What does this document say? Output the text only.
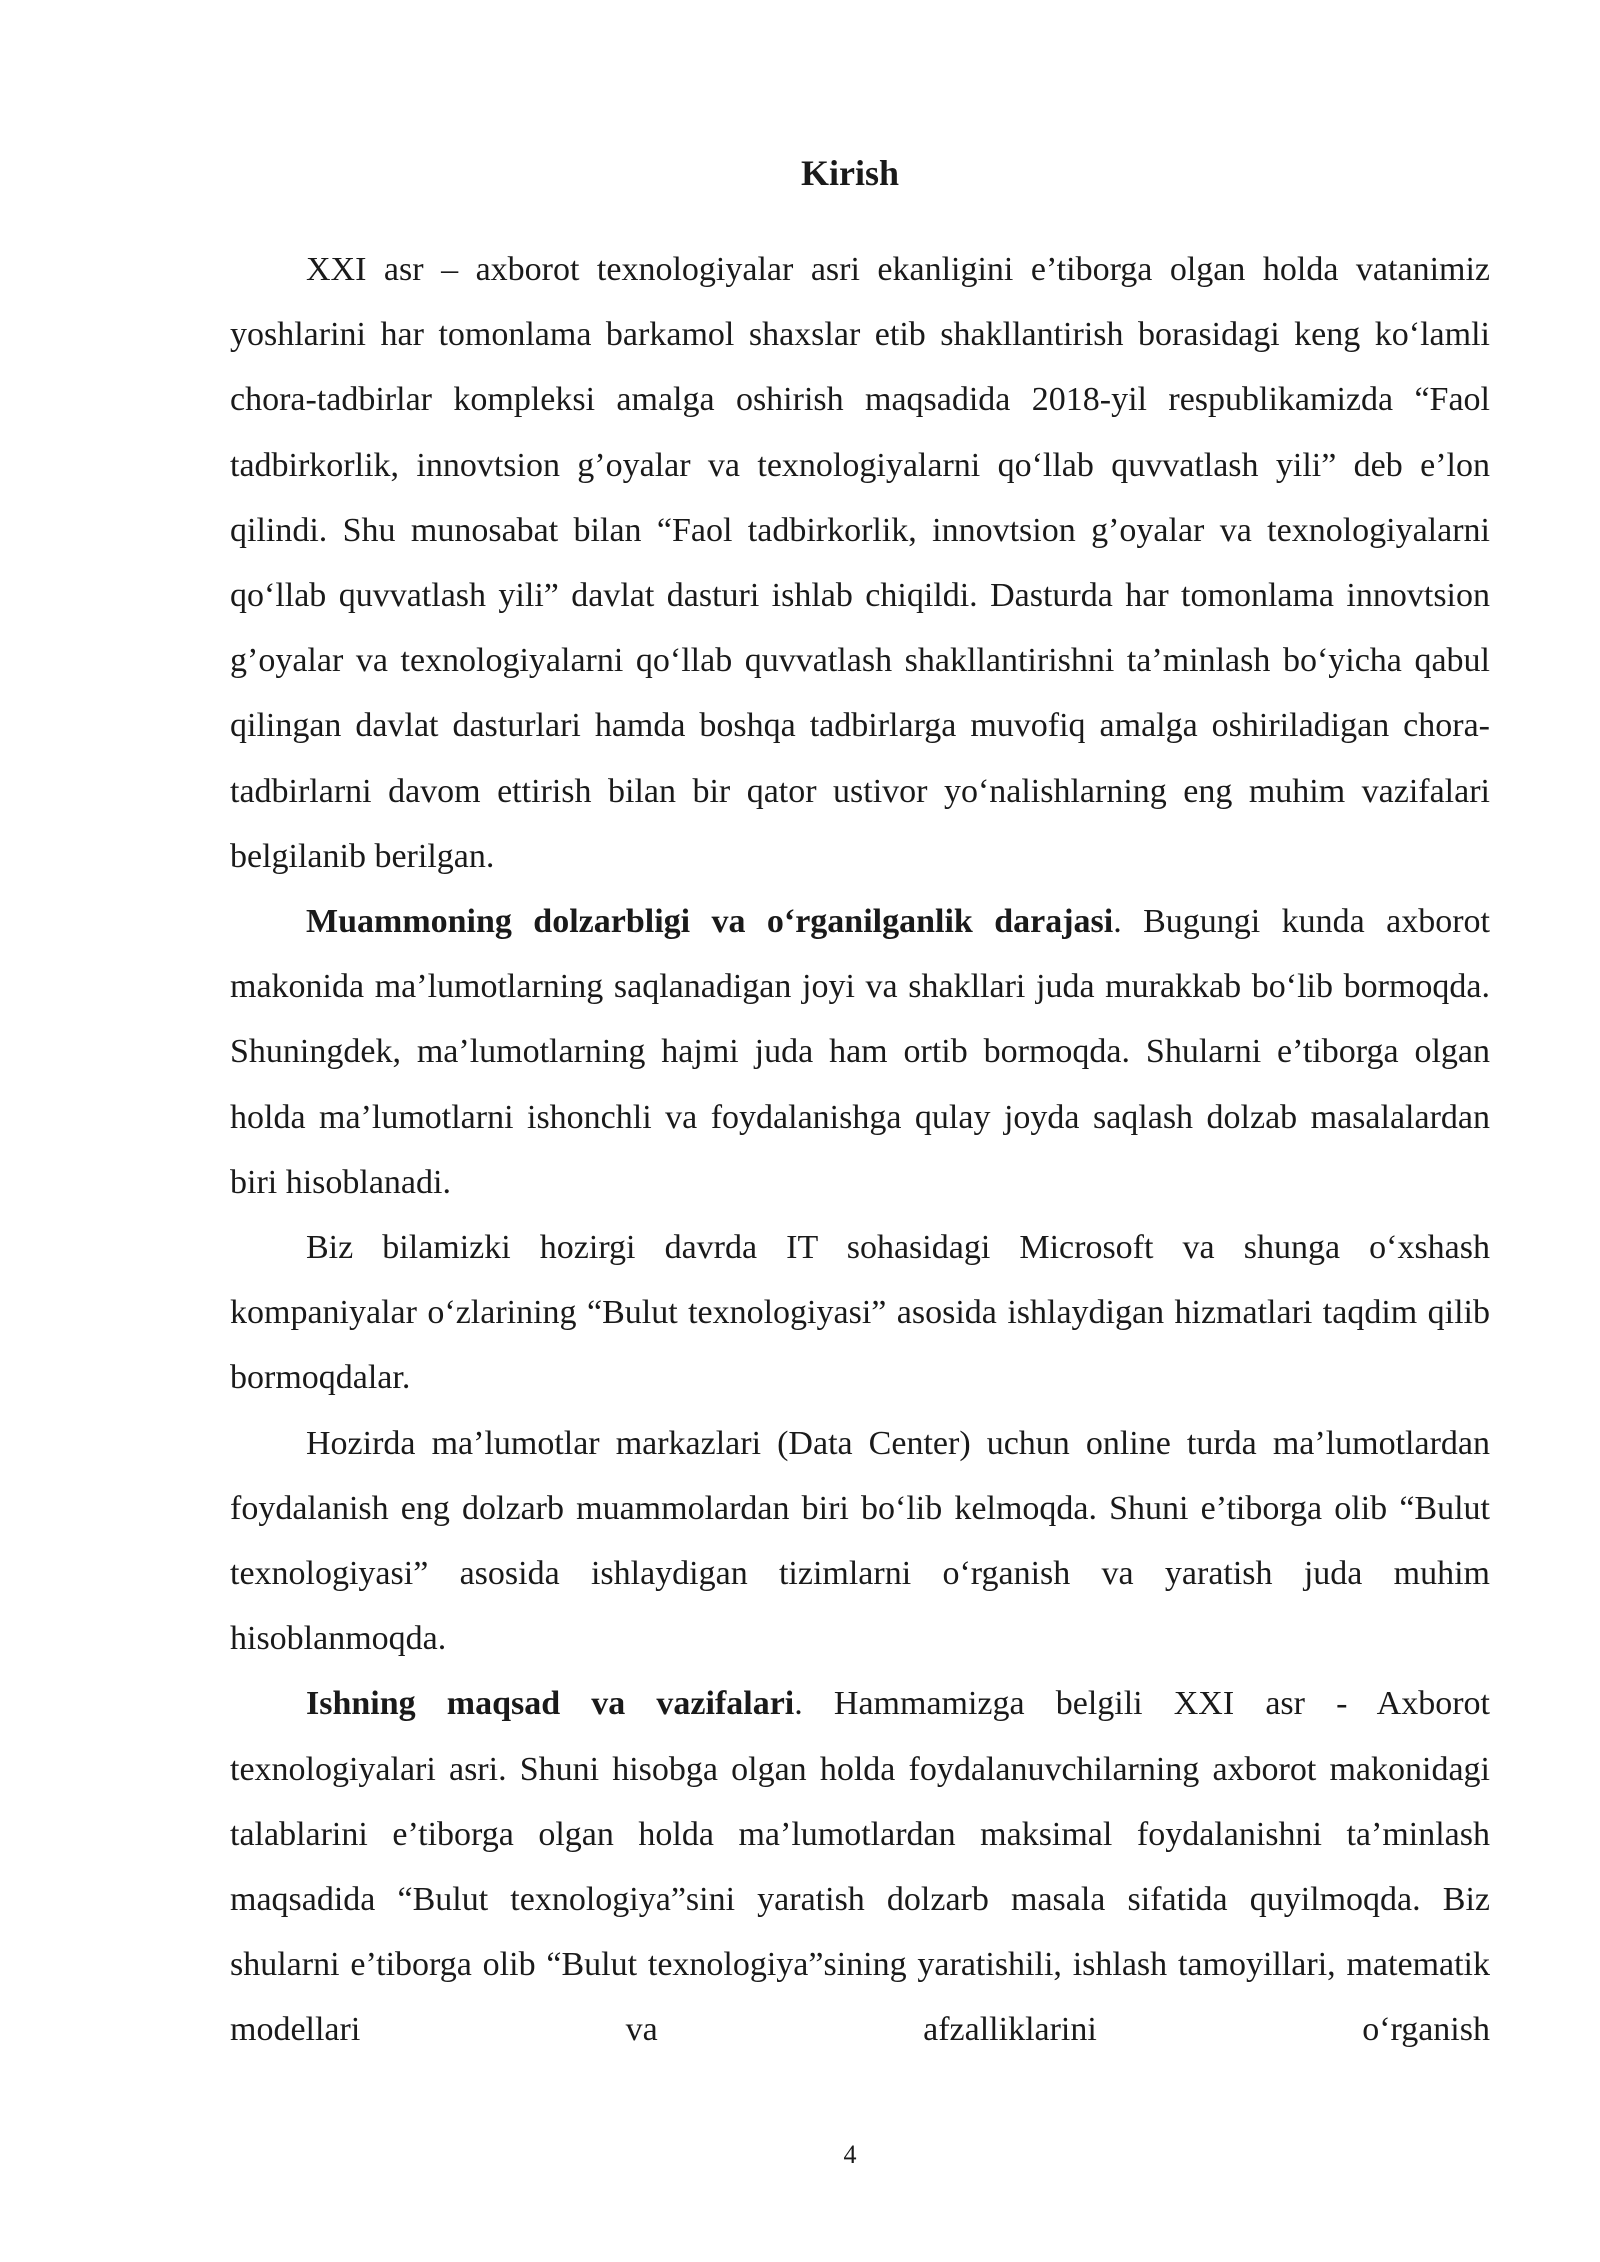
Kirish

XXI asr – axborot texnologiyalar asri ekanligini e’tiborga olgan holda vatanimiz yoshlarini har tomonlama barkamol shaxslar etib shakllantirish borasidagi keng koʻlamli chora-tadbirlar kompleksi amalga oshirish maqsadida 2018-yil respublikamizda “Faol tadbirkorlik, innovtsion g’oyalar va texnologiyalarni qoʻllab quvvatlash yili” deb e’lon qilindi. Shu munosabat bilan “Faol tadbirkorlik, innovtsion g’oyalar va texnologiyalarni qoʻllab quvvatlash yili” davlat dasturi ishlab chiqildi. Dasturda har tomonlama innovtsion g’oyalar va texnologiyalarni qoʻllab quvvatlash shakllantirishni ta’minlash boʻyicha qabul qilingan davlat dasturlari hamda boshqa tadbirlarga muvofiq amalga oshiriladigan chora-tadbirlarni davom ettirish bilan bir qator ustivor yoʻnalishlarning eng muhim vazifalari belgilanib berilgan.

Muammoning dolzarbligi va oʻrganilganlik darajasi. Bugungi kunda axborot makonida ma’lumotlarning saqlanadigan joyi va shakllari juda murakkab boʻlib bormoqda. Shuningdek, ma’lumotlarning hajmi juda ham ortib bormoqda. Shularni e’tiborga olgan holda ma’lumotlarni ishonchli va foydalanishga qulay joyda saqlash dolzab masalalardan biri hisoblanadi.

Biz bilamizki hozirgi davrda IT sohasidagi Microsoft va shunga oʻxshash kompaniyalar oʻzlarining “Bulut texnologiyasi” asosida ishlaydigan hizmatlari taqdim qilib bormoqdalar.

Hozirda ma’lumotlar markazlari (Data Center) uchun online turda ma’lumotlardan foydalanish eng dolzarb muammolardan biri boʻlib kelmoqda. Shuni e’tiborga olib “Bulut texnologiyasi” asosida ishlaydigan tizimlarni oʻrganish va yaratish juda muhim hisoblanmoqda.

Ishning maqsad va vazifalari. Hammamizga belgili XXI asr - Axborot texnologiyalari asri. Shuni hisobga olgan holda foydalanuvchilarning axborot makonidagi talablarini e’tiborga olgan holda ma’lumotlardan maksimal foydalanishni ta’minlash maqsadida “Bulut texnologiya”sini yaratish dolzarb masala sifatida quyilmoqda. Biz shularni e’tiborga olib “Bulut texnologiya”sining yaratishili, ishlash tamoyillari, matematik modellari va afzalliklarini oʻrganish

4
